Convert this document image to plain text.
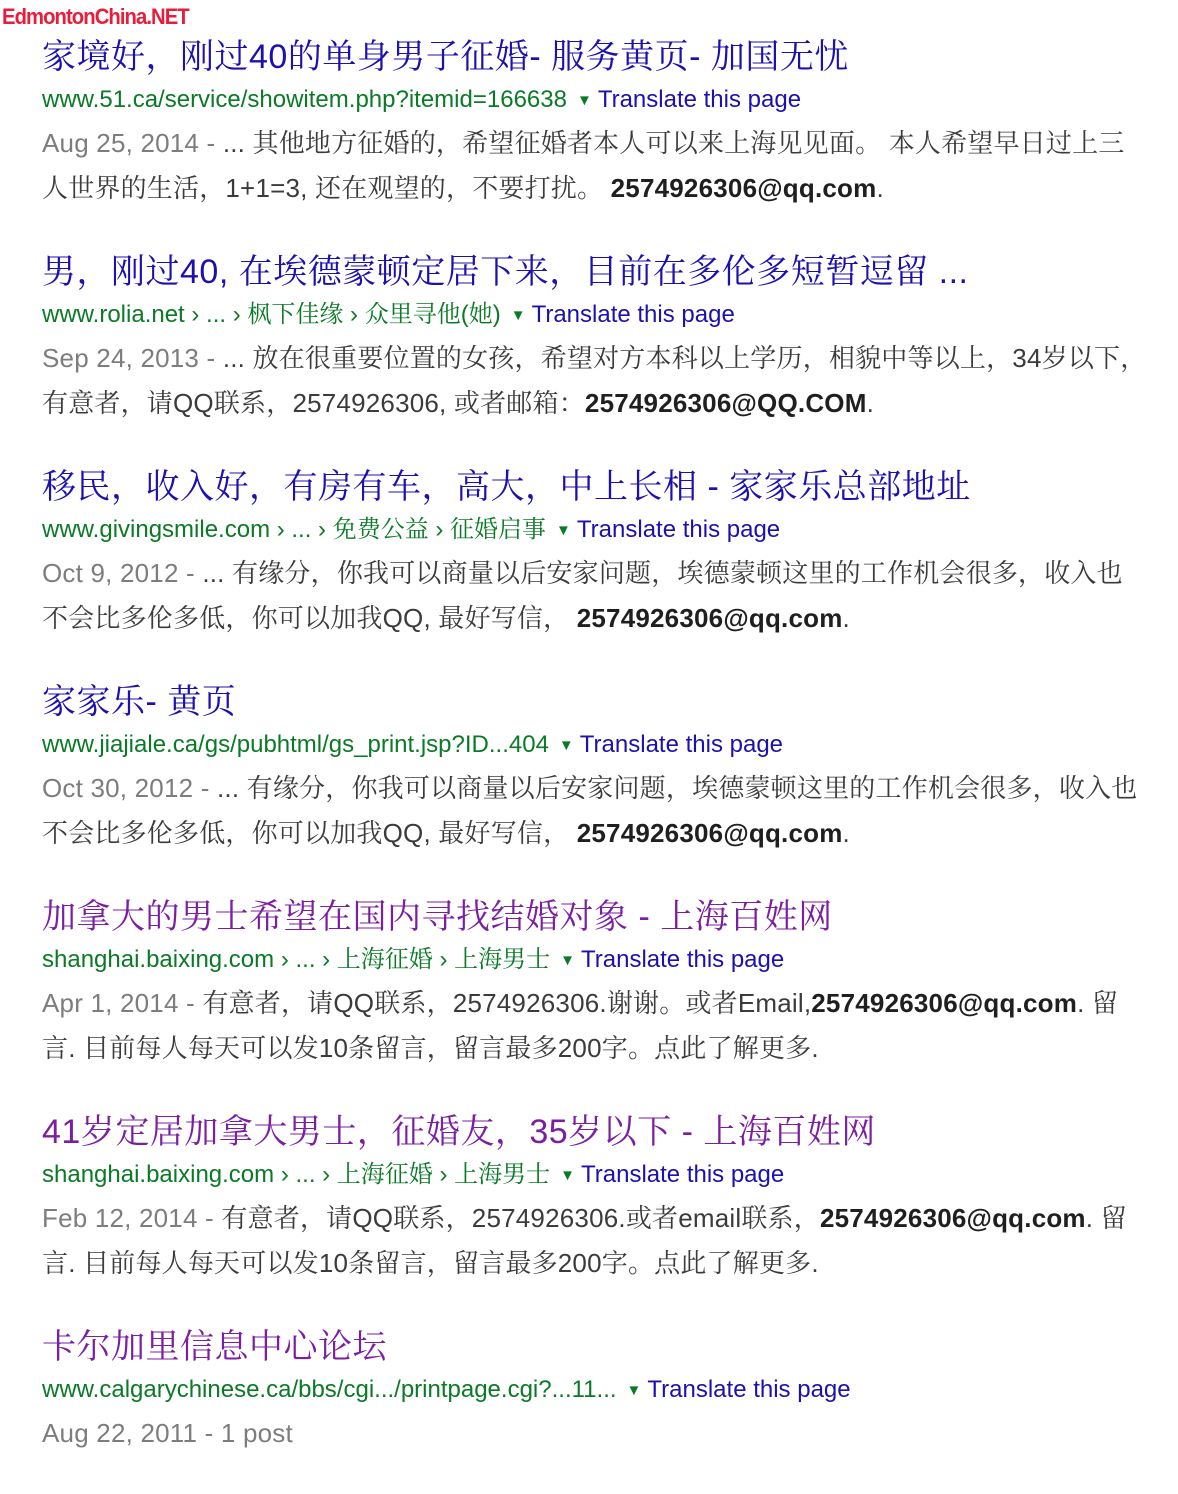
EdmontonChina.NET
家境好，刚过40的单身男子征婚- 服务黄页- 加国无忧
www.51.ca/service/showitem.php?itemid=166638 ▼ Translate this page
Aug 25, 2014 - ... 其他地方征婚的，希望征婚者本人可以来上海见见面。 本人希望早日过上三人世界的生活，1+1=3, 还在观望的，不要打扰。 2574926306@qq.com.
男，刚过40, 在埃德蒙顿定居下来，目前在多伦多短暂逗留 ...
www.rolia.net › ... › 枫下佳缘 › 众里寻他(她) ▼ Translate this page
Sep 24, 2013 - ... 放在很重要位置的女孩，希望对方本科以上学历，相貌中等以上，34岁以下，有意者，请QQ联系，2574926306, 或者邮箱：2574926306@QQ.COM.
移民，收入好，有房有车，高大，中上长相 - 家家乐总部地址
www.givingsmile.com › ... › 免费公益 › 征婚启事 ▼ Translate this page
Oct 9, 2012 - ... 有缘分，你我可以商量以后安家问题，埃德蒙顿这里的工作机会很多，收入也不会比多伦多低，你可以加我QQ, 最好写信， 2574926306@qq.com.
家家乐- 黄页
www.jiajiale.ca/gs/pubhtml/gs_print.jsp?ID...404 ▼ Translate this page
Oct 30, 2012 - ... 有缘分，你我可以商量以后安家问题，埃德蒙顿这里的工作机会很多，收入也不会比多伦多低，你可以加我QQ, 最好写信， 2574926306@qq.com.
加拿大的男士希望在国内寻找结婚对象 - 上海百姓网
shanghai.baixing.com › ... › 上海征婚 › 上海男士 ▼ Translate this page
Apr 1, 2014 - 有意者，请QQ联系，2574926306.谢谢。或者Email,2574926306@qq.com. 留言. 目前每人每天可以发10条留言，留言最多200字。点此了解更多.
41岁定居加拿大男士，征婚友，35岁以下 - 上海百姓网
shanghai.baixing.com › ... › 上海征婚 › 上海男士 ▼ Translate this page
Feb 12, 2014 - 有意者，请QQ联系，2574926306.或者email联系，2574926306@qq.com. 留言. 目前每人每天可以发10条留言，留言最多200字。点此了解更多.
卡尔加里信息中心论坛
www.calgarychinese.ca/bbs/cgi.../printpage.cgi?...11... ▼ Translate this page
Aug 22, 2011 - 1 post
